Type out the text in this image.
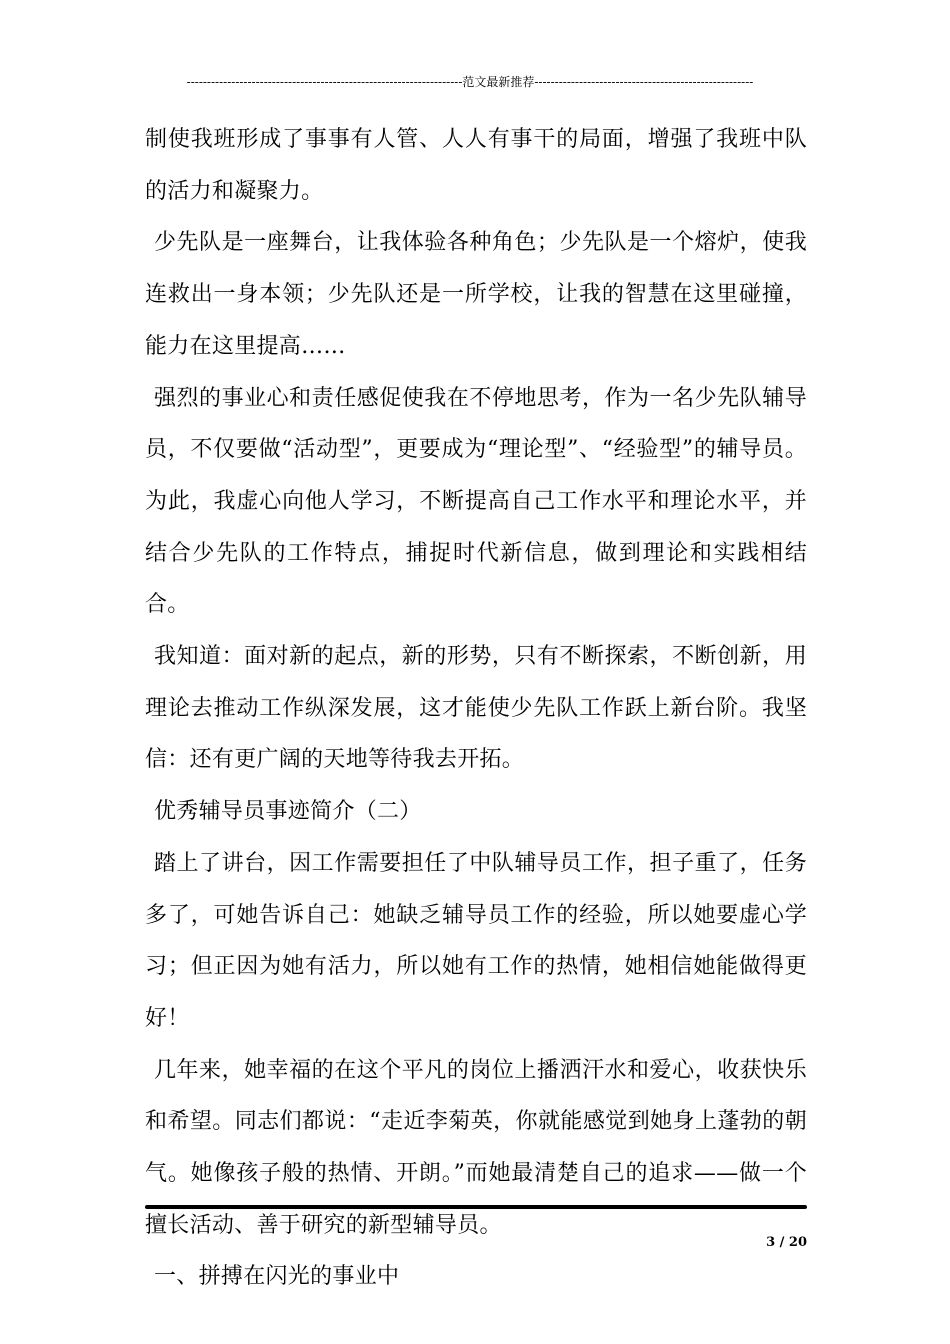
--------------------------------------------------------------------范文最新推荐------------------------------------------------------

制使我班形成了事事有人管、人人有事干的局面，增强了我班中队的活力和凝聚力。

少先队是一座舞台，让我体验各种角色；少先队是一个熔炉，使我连救出一身本领；少先队还是一所学校，让我的智慧在这里碰撞，能力在这里提高……

强烈的事业心和责任感促使我在不停地思考，作为一名少先队辅导员，不仅要做“活动型”，更要成为“理论型”、“经验型”的辅导员。为此，我虚心向他人学习，不断提高自己工作水平和理论水平，并结合少先队的工作特点，捕捉时代新信息，做到理论和实践相结合。

我知道：面对新的起点，新的形势，只有不断探索，不断创新，用理论去推动工作纵深发展，这才能使少先队工作跃上新台阶。我坚信：还有更广阔的天地等待我去开拓。

优秀辅导员事迹简介（二）

踏上了讲台，因工作需要担任了中队辅导员工作，担子重了，任务多了，可她告诉自己：她缺乏辅导员工作的经验，所以她要虚心学习；但正因为她有活力，所以她有工作的热情，她相信她能做得更好！

几年来，她幸福的在这个平凡的岗位上播洒汗水和爱心，收获快乐和希望。同志们都说：“走近李菊英，你就能感觉到她身上蓬勃的朝气。她像孩子般的热情、开朗。”而她最清楚自己的追求——做一个擅长活动、善于研究的新型辅导员。

一、拼搏在闪光的事业中

3 / 20
